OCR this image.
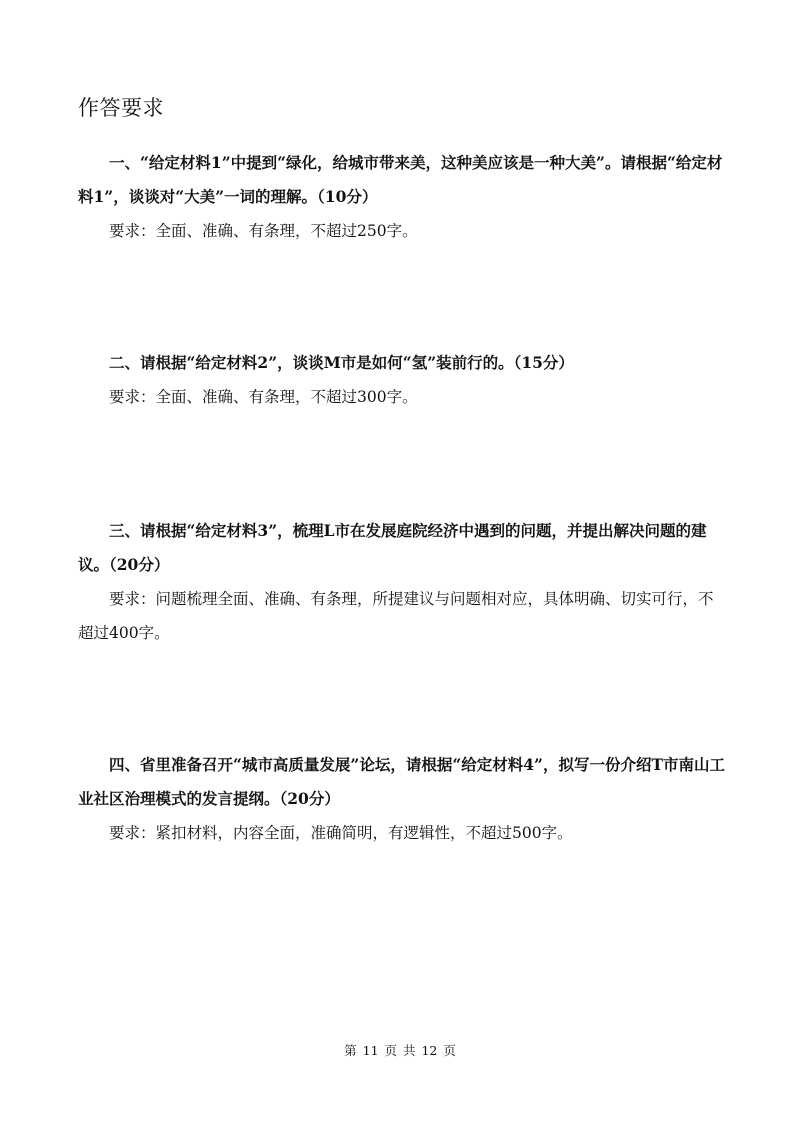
作答要求

一、“给定材料1”中提到“绿化，给城市带来美，这种美应该是一种大美”。请根据“给定材料1”，谈谈对“大美”一词的理解。（10分）

要求：全面、准确、有条理，不超过250字。

二、请根据“给定材料2”，谈谈M市是如何“氢”装前行的。（15分）

要求：全面、准确、有条理，不超过300字。

三、请根据“给定材料3”，梳理L市在发展庭院经济中遇到的问题，并提出解决问题的建议。（20分）

要求：问题梳理全面、准确、有条理，所提建议与问题相对应，具体明确、切实可行，不超过400字。

四、省里准备召开“城市高质量发展”论坛，请根据“给定材料4”，拟写一份介绍T市南山工业社区治理模式的发言提纲。（20分）

要求：紧扣材料，内容全面，准确简明，有逻辑性，不超过500字。

第 11 页 共 12 页
